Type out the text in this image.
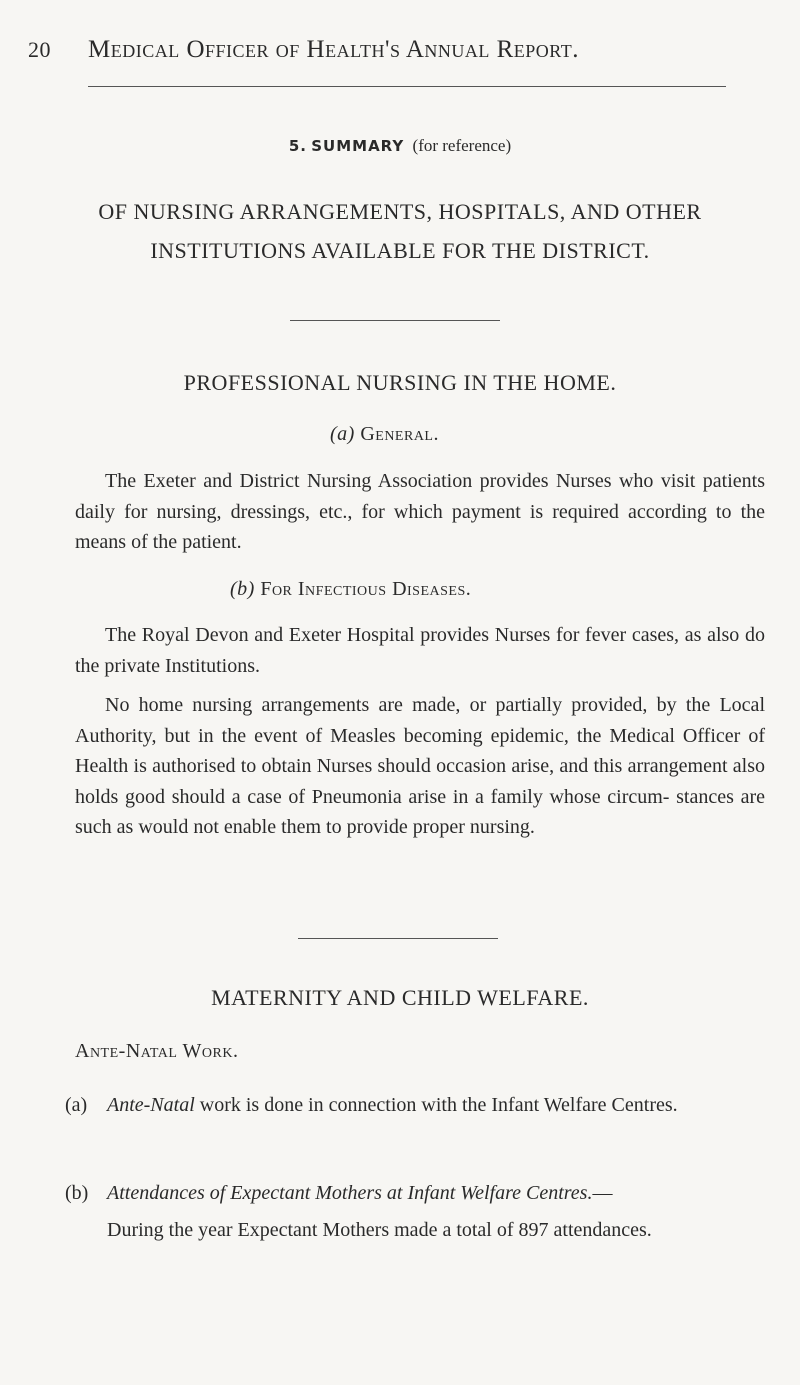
20 Medical Officer of Health's Annual Report.
5. SUMMARY (for reference)
OF NURSING ARRANGEMENTS, HOSPITALS, AND OTHER INSTITUTIONS AVAILABLE FOR THE DISTRICT.
PROFESSIONAL NURSING IN THE HOME.
(a) General.
The Exeter and District Nursing Association provides Nurses who visit patients daily for nursing, dressings, etc., for which payment is required according to the means of the patient.
(b) For Infectious Diseases.
The Royal Devon and Exeter Hospital provides Nurses for fever cases, as also do the private Institutions.
No home nursing arrangements are made, or partially provided, by the Local Authority, but in the event of Measles becoming epidemic, the Medical Officer of Health is authorised to obtain Nurses should occasion arise, and this arrangement also holds good should a case of Pneumonia arise in a family whose circum- stances are such as would not enable them to provide proper nursing.
MATERNITY AND CHILD WELFARE.
Ante-Natal Work.
(a) Ante-Natal work is done in connection with the Infant Welfare Centres.
(b) Attendances of Expectant Mothers at Infant Welfare Centres.—
During the year Expectant Mothers made a total of 897 attendances.
